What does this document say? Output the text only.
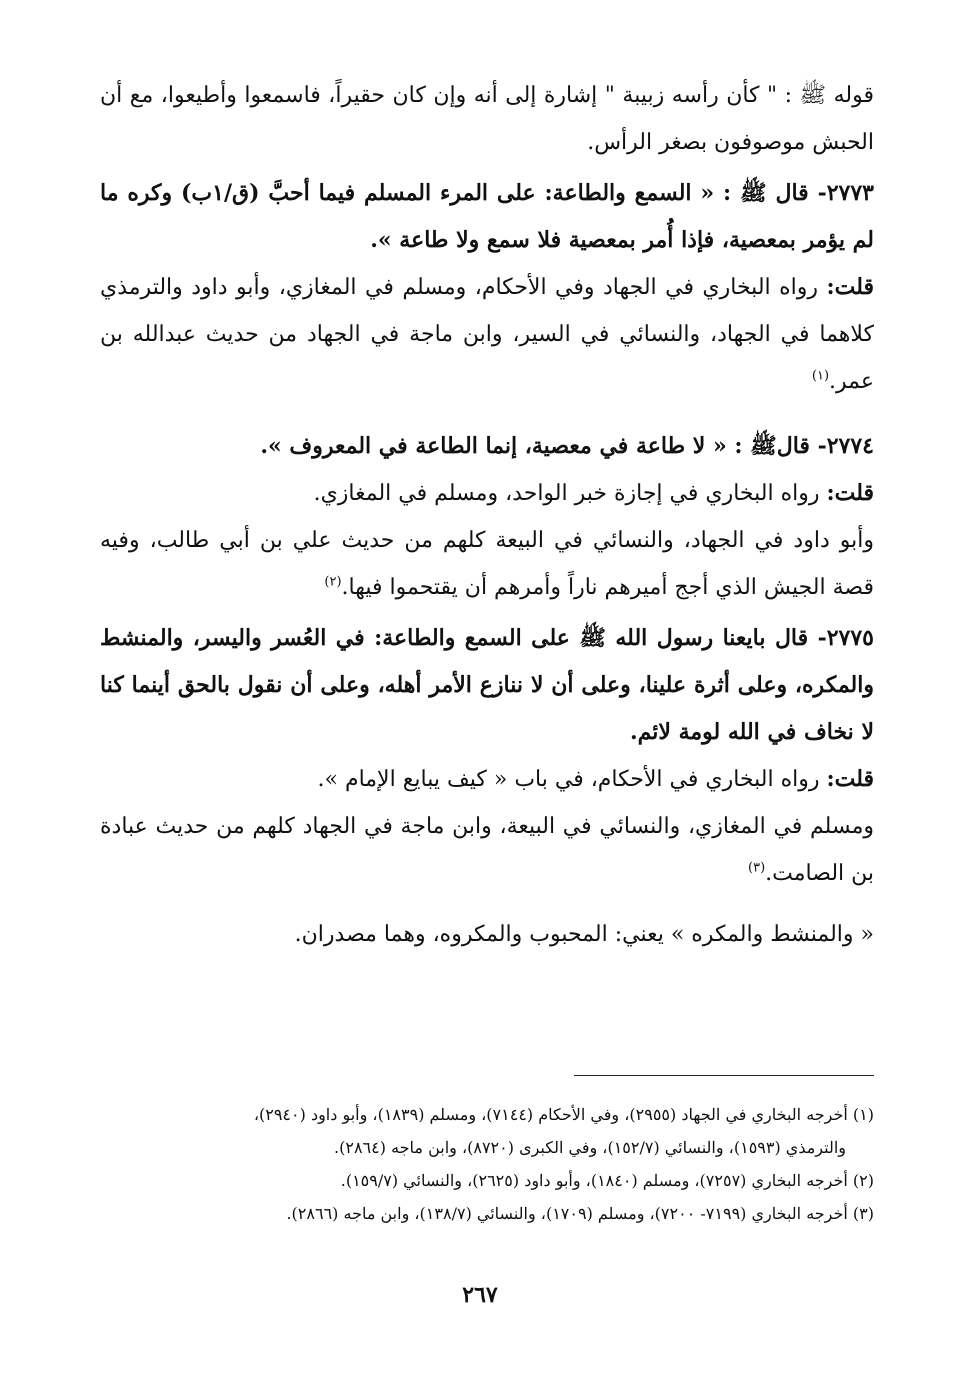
قوله ﷺ : " كأن رأسه زبيبة " إشارة إلى أنه وإن كان حقيراً، فاسمعوا وأطيعوا، مع أن الحبش موصوفون بصغر الرأس.

٢٧٧٣- قال ﷺ : « السمع والطاعة: على المرء المسلم فيما أحبَّ (ق/١ب) وكره ما لم يؤمر بمعصية، فإذا أُمر بمعصية فلا سمع ولا طاعة ».

قلت: رواه البخاري في الجهاد وفي الأحكام، ومسلم في المغازي، وأبو داود والترمذي كلاهما في الجهاد، والنسائي في السير، وابن ماجة في الجهاد من حديث عبدالله بن عمر.$^{(١)}$

٢٧٧٤- قالﷺ : « لا طاعة في معصية، إنما الطاعة في المعروف ».

قلت: رواه البخاري في إجازة خبر الواحد، ومسلم في المغازي.

وأبو داود في الجهاد، والنسائي في البيعة كلهم من حديث علي بن أبي طالب، وفيه قصة الجيش الذي أجج أميرهم ناراً وأمرهم أن يقتحموا فيها.$^{(٢)}$

٢٧٧٥- قال بايعنا رسول الله ﷺ على السمع والطاعة: في العُسر واليسر، والمنشط والمكره، وعلى أثرة علينا، وعلى أن لا ننازع الأمر أهله، وعلى أن نقول بالحق أينما كنا لا نخاف في الله لومة لائم.

قلت: رواه البخاري في الأحكام، في باب « كيف يبايع الإمام ».

ومسلم في المغازي، والنسائي في البيعة، وابن ماجة في الجهاد كلهم من حديث عبادة بن الصامت.$^{(٣)}$

« والمنشط والمكره » يعني: المحبوب والمكروه، وهما مصدران.

(١) أخرجه البخاري في الجهاد (٢٩٥٥)، وفي الأحكام (٧١٤٤)، ومسلم (١٨٣٩)، وأبو داود (٢٩٤٠)،

والترمذي (١٥٩٣)، والنسائي (١٥٢/٧)، وفي الكبرى (٨٧٢٠)، وابن ماجه (٢٨٦٤).

(٢) أخرجه البخاري (٧٢٥٧)، ومسلم (١٨٤٠)، وأبو داود (٢٦٢٥)، والنسائي (١٥٩/٧).

(٣) أخرجه البخاري (٧١٩٩- ٧٢٠٠)، ومسلم (١٧٠٩)، والنسائي (١٣٨/٧)، وابن ماجه (٢٨٦٦).

٢٦٧
